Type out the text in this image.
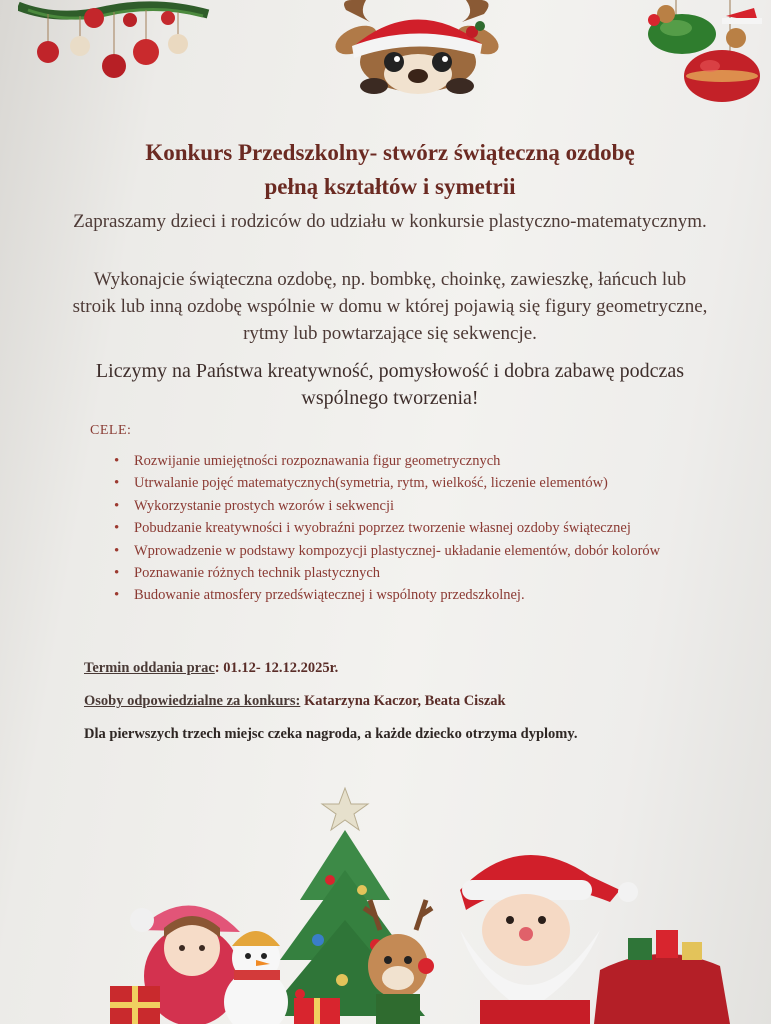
Konkurs Przedszkolny- stwórz świąteczną ozdobę
pełną kształtów i symetrii
Zapraszamy dzieci i rodziców do udziału w konkursie plastyczno-matematycznym.
Wykonajcie świąteczna ozdobę, np. bombkę, choinkę, zawieszkę, łańcuch lub stroik lub inną ozdobę wspólnie w domu w której pojawią się figury geometryczne, rytmy lub powtarzające się sekwencje.
Liczymy na Państwa kreatywność, pomysłowość i dobra zabawę podczas wspólnego tworzenia!
CELE:
• Rozwijanie umiejętności rozpoznawania figur geometrycznych
• Utrwalanie pojęć matematycznych(symetria, rytm, wielkość, liczenie elementów)
• Wykorzystanie prostych wzorów i sekwencji
• Pobudzanie kreatywności i wyobraźni poprzez tworzenie własnej ozdoby świątecznej
• Wprowadzenie w podstawy kompozycji plastycznej- układanie elementów, dobór kolorów
• Poznawanie różnych technik plastycznych
• Budowanie atmosfery przedświątecznej i wspólnoty przedszkolnej.
Termin oddania prac: 01.12- 12.12.2025r.
Osoby odpowiedzialne za konkurs: Katarzyna Kaczor, Beata Ciszak
Dla pierwszych trzech miejsc czeka nagroda, a każde dziecko otrzyma dyplomy.
